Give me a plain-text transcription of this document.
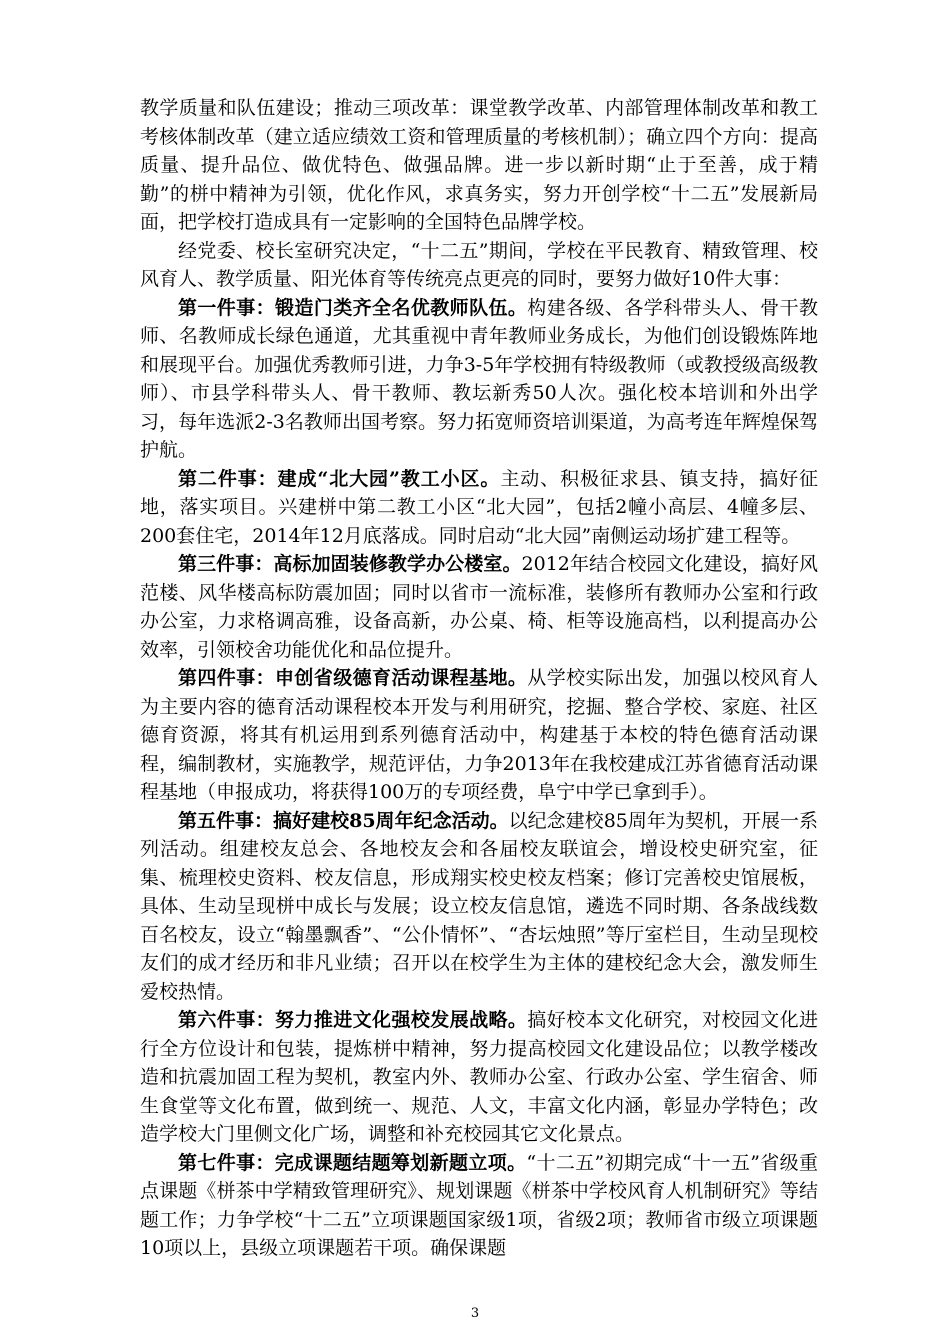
教学质量和队伍建设；推动三项改革：课堂教学改革、内部管理体制改革和教工考核体制改革（建立适应绩效工资和管理质量的考核机制）；确立四个方向：提高质量、提升品位、做优特色、做强品牌。进一步以新时期“止于至善，成于精勤”的栟中精神为引领，优化作风，求真务实，努力开创学校“十二五”发展新局面，把学校打造成具有一定影响的全国特色品牌学校。

经党委、校长室研究决定，“十二五”期间，学校在平民教育、精致管理、校风育人、教学质量、阳光体育等传统亮点更亮的同时，要努力做好10件大事：

第一件事：锻造门类齐全名优教师队伍。构建各级、各学科带头人、骨干教师、名教师成长绿色通道，尤其重视中青年教师业务成长，为他们创设锻炼阵地和展现平台。加强优秀教师引进，力争3-5年学校拥有特级教师（或教授级高级教师）、市县学科带头人、骨干教师、教坛新秀50人次。强化校本培训和外出学习，每年选派2-3名教师出国考察。努力拓宽师资培训渠道，为高考连年辉煌保驾护航。

第二件事：建成“北大园”教工小区。主动、积极征求县、镇支持，搞好征地，落实项目。兴建栟中第二教工小区“北大园”，包括2幢小高层、4幢多层、200套住宅，2014年12月底落成。同时启动“北大园”南侧运动场扩建工程等。

第三件事：高标加固装修教学办公楼室。2012年结合校园文化建设，搞好风范楼、风华楼高标防震加固；同时以省市一流标准，装修所有教师办公室和行政办公室，力求格调高雅，设备高新，办公桌、椅、柜等设施高档，以利提高办公效率，引领校舍功能优化和品位提升。

第四件事：申创省级德育活动课程基地。从学校实际出发，加强以校风育人为主要内容的德育活动课程校本开发与利用研究，挖掘、整合学校、家庭、社区德育资源，将其有机运用到系列德育活动中，构建基于本校的特色德育活动课程，编制教材，实施教学，规范评估，力争2013年在我校建成江苏省德育活动课程基地（申报成功，将获得100万的专项经费，阜宁中学已拿到手）。

第五件事：搞好建校85周年纪念活动。以纪念建校85周年为契机，开展一系列活动。组建校友总会、各地校友会和各届校友联谊会，增设校史研究室，征集、梳理校史资料、校友信息，形成翔实校史校友档案；修订完善校史馆展板，具体、生动呈现栟中成长与发展；设立校友信息馆，遴选不同时期、各条战线数百名校友，设立“翰墨飘香”、“公仆情怀”、“杏坛烛照”等厅室栏目，生动呈现校友们的成才经历和非凡业绩；召开以在校学生为主体的建校纪念大会，激发师生爱校热情。

第六件事：努力推进文化强校发展战略。搞好校本文化研究，对校园文化进行全方位设计和包装，提炼栟中精神，努力提高校园文化建设品位；以教学楼改造和抗震加固工程为契机，教室内外、教师办公室、行政办公室、学生宿舍、师生食堂等文化布置，做到统一、规范、人文，丰富文化内涵，彰显办学特色；改造学校大门里侧文化广场，调整和补充校园其它文化景点。

第七件事：完成课题结题筹划新题立项。“十二五”初期完成“十一五”省级重点课题《栟茶中学精致管理研究》、规划课题《栟茶中学校风育人机制研究》等结题工作；力争学校“十二五”立项课题国家级1项，省级2项；教师省市级立项课题10项以上，县级立项课题若干项。确保课题

3
